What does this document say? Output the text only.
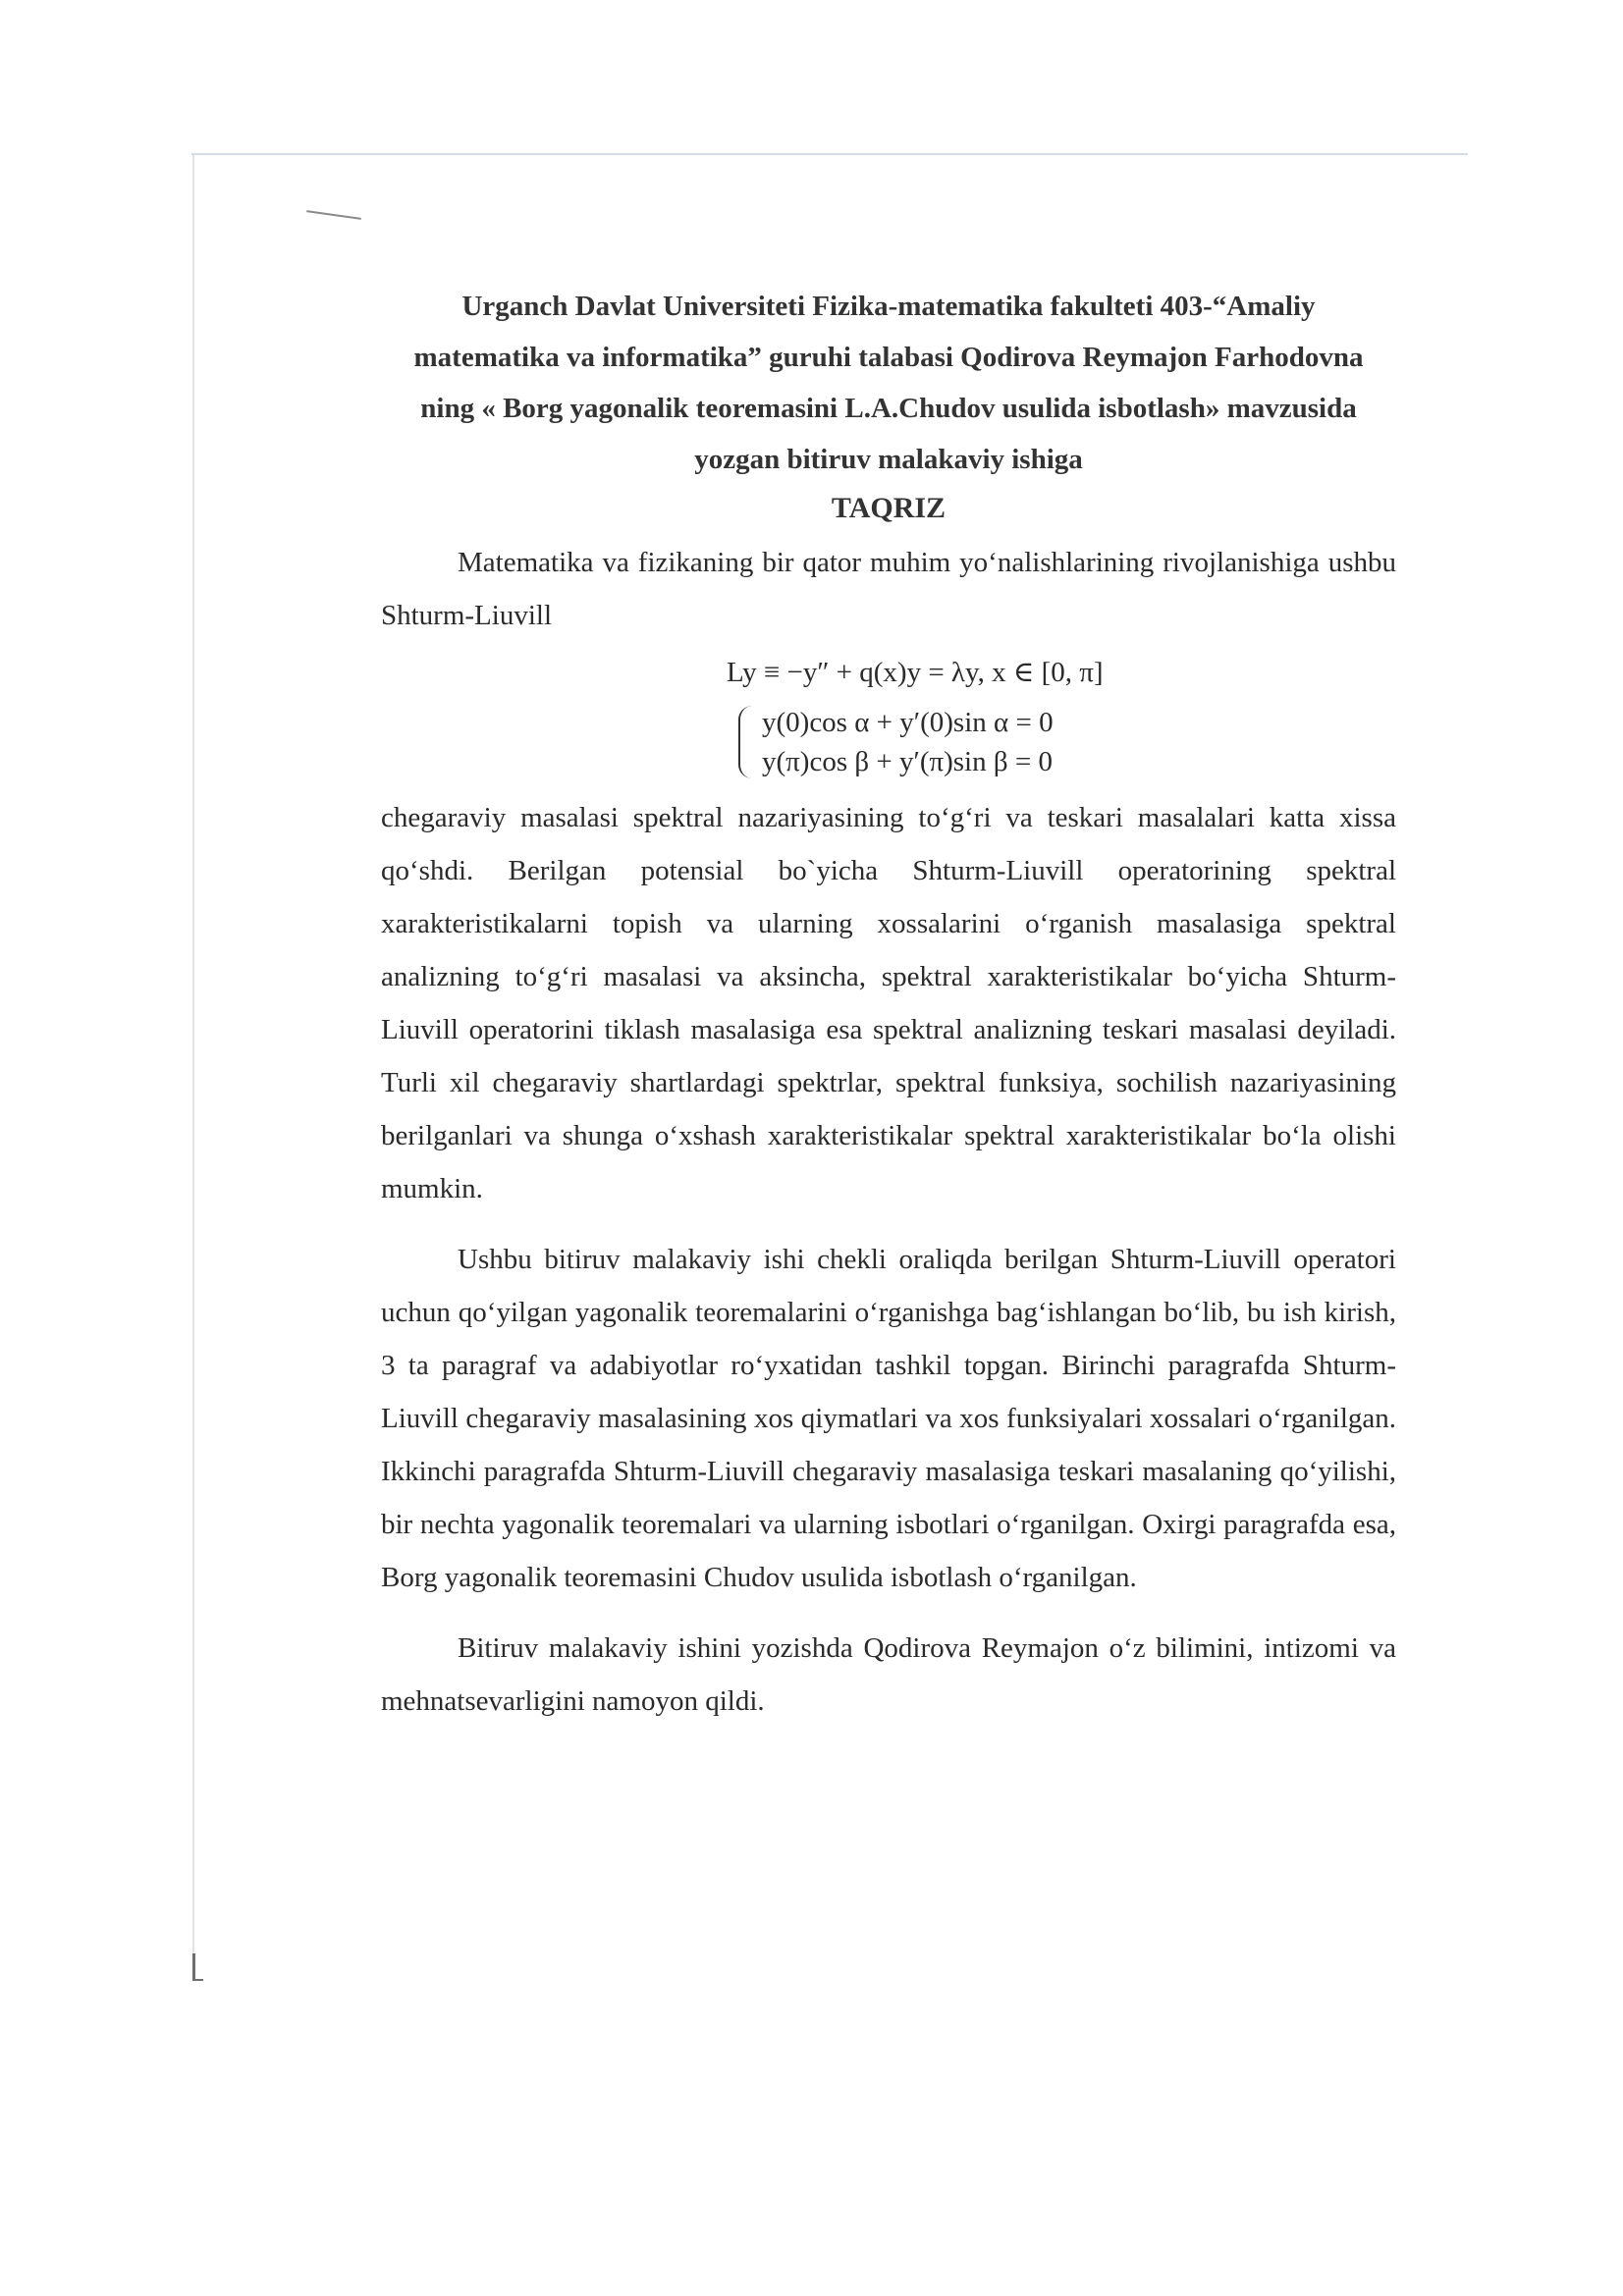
Urganch Davlat Universiteti Fizika-matematika fakulteti 403-“Amaliy
matematika va informatika” guruhi talabasi Qodirova Reymajon Farhodovna
ning « Borg yagonalik teoremasini L.A.Chudov usulida isbotlash» mavzusida
yozgan bitiruv malakaviy ishiga
TAQRIZ

Matematika va fizikaning bir qator muhim yo‘nalishlarining rivojlanishiga ushbu Shturm-Liuvill

Ly ≡ −y″ + q(x)y = λy, x ∈ [0, π]
y(0)cos α + y′(0)sin α = 0
y(π)cos β + y′(π)sin β = 0

chegaraviy masalasi spektral nazariyasining to‘g‘ri va teskari masalalari katta xissa qo‘shdi. Berilgan potensial bo`yicha Shturm-Liuvill operatorining spektral xarakteristikalarni topish va ularning xossalarini o‘rganish masalasiga spektral analizning to‘g‘ri masalasi va aksincha, spektral xarakteristikalar bo‘yicha Shturm-Liuvill operatorini tiklash masalasiga esa spektral analizning teskari masalasi deyiladi. Turli xil chegaraviy shartlardagi spektrlar, spektral funksiya, sochilish nazariyasining berilganlari va shunga o‘xshash xarakteristikalar spektral xarakteristikalar bo‘la olishi mumkin.

Ushbu bitiruv malakaviy ishi chekli oraliqda berilgan Shturm-Liuvill operatori uchun qo‘yilgan yagonalik teoremalarini o‘rganishga bag‘ishlangan bo‘lib, bu ish kirish, 3 ta paragraf va adabiyotlar ro‘yxatidan tashkil topgan. Birinchi paragrafda Shturm-Liuvill chegaraviy masalasining xos qiymatlari va xos funksiyalari xossalari o‘rganilgan. Ikkinchi paragrafda Shturm-Liuvill chegaraviy masalasiga teskari masalaning qo‘yilishi, bir nechta yagonalik teoremalari va ularning isbotlari o‘rganilgan. Oxirgi paragrafda esa, Borg yagonalik teoremasini Chudov usulida isbotlash o‘rganilgan.

Bitiruv malakaviy ishini yozishda Qodirova Reymajon o‘z bilimini, intizomi va mehnatsevarligini namoyon qildi.
